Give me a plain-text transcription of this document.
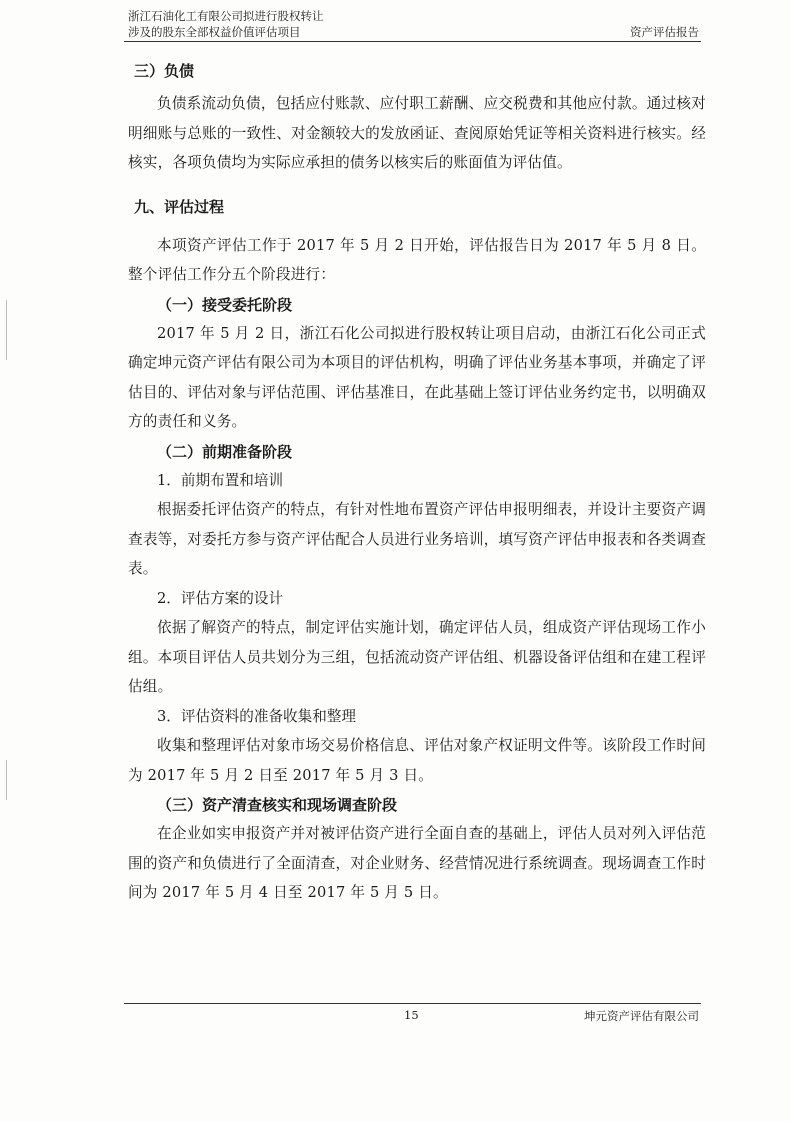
浙江石油化工有限公司拟进行股权转让
涉及的股东全部权益价值评估项目	资产评估报告
三）负债

负债系流动负债，包括应付账款、应付职工薪酬、应交税费和其他应付款。通过核对明细账与总账的一致性、对金额较大的发放函证、查阅原始凭证等相关资料进行核实。经核实，各项负债均为实际应承担的债务以核实后的账面值为评估值。

九、评估过程

本项资产评估工作于 2017 年 5 月 2 日开始，评估报告日为 2017 年 5 月 8 日。整个评估工作分五个阶段进行：

（一）接受委托阶段

2017 年 5 月 2 日，浙江石化公司拟进行股权转让项目启动，由浙江石化公司正式确定坤元资产评估有限公司为本项目的评估机构，明确了评估业务基本事项，并确定了评估目的、评估对象与评估范围、评估基准日，在此基础上签订评估业务约定书，以明确双方的责任和义务。

（二）前期准备阶段

1．前期布置和培训

根据委托评估资产的特点，有针对性地布置资产评估申报明细表，并设计主要资产调查表等，对委托方参与资产评估配合人员进行业务培训，填写资产评估申报表和各类调查表。

2．评估方案的设计

依据了解资产的特点，制定评估实施计划，确定评估人员，组成资产评估现场工作小组。本项目评估人员共划分为三组，包括流动资产评估组、机器设备评估组和在建工程评估组。

3．评估资料的准备收集和整理

收集和整理评估对象市场交易价格信息、评估对象产权证明文件等。该阶段工作时间为 2017 年 5 月 2 日至 2017 年 5 月 3 日。

（三）资产清查核实和现场调查阶段

在企业如实申报资产并对被评估资产进行全面自查的基础上，评估人员对列入评估范围的资产和负债进行了全面清查，对企业财务、经营情况进行系统调查。现场调查工作时间为 2017 年 5 月 4 日至 2017 年 5 月 5 日。

15	坤元资产评估有限公司
